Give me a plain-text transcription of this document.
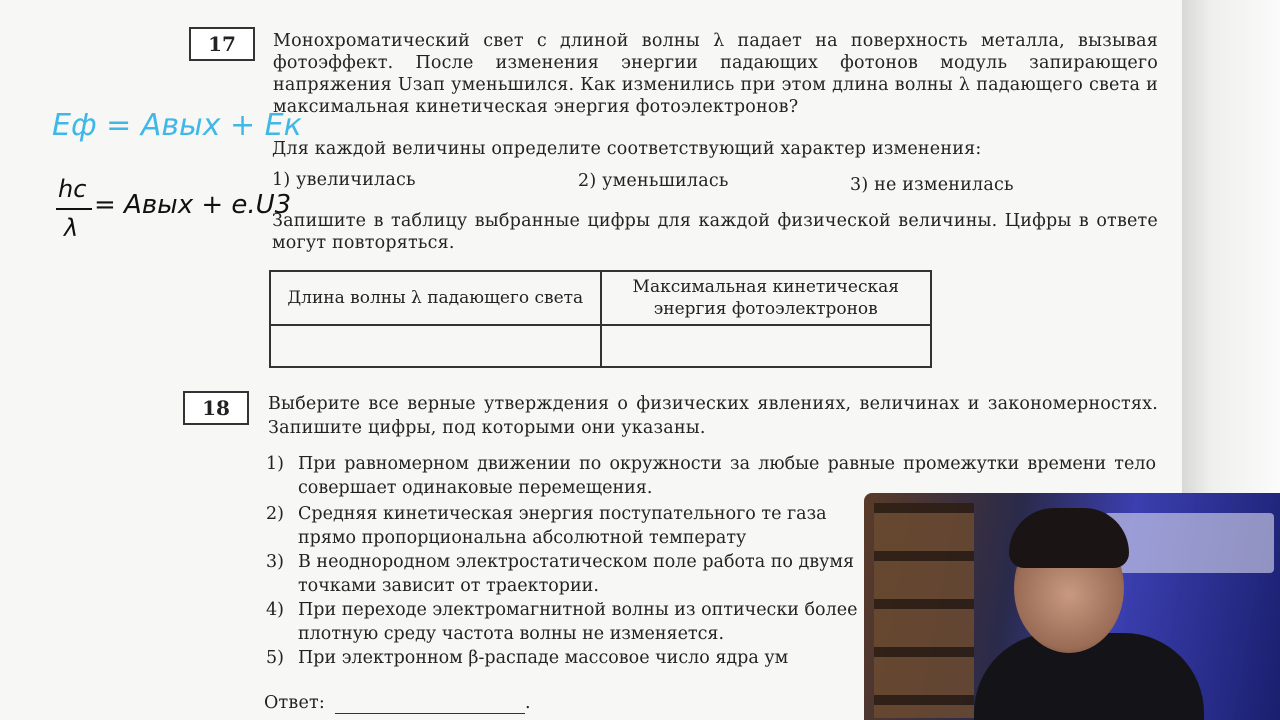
17 Монохроматический свет с длиной волны λ падает на поверхность металла, вызывая фотоэффект. После изменения энергии падающих фотонов модуль запирающего напряжения Uзап уменьшился. Как изменились при этом длина волны λ падающего света и максимальная кинетическая энергия фотоэлектронов?
Для каждой величины определите соответствующий характер изменения:
1) увеличилась	2) уменьшилась	3) не изменилась
Запишите в таблицу выбранные цифры для каждой физической величины. Цифры в ответе могут повторяться.
Длина волны λ падающего света	Максимальная кинетическая энергия фотоэлектронов

Eф = Aвых + Eк
hc
λ
= Aвых + e.U3
18 Выберите все верные утверждения о физических явлениях, величинах и закономерностях. Запишите цифры, под которыми они указаны.
1) При равномерном движении по окружности за любые равные промежутки времени тело совершает одинаковые перемещения.
2) Средняя кинетическая энергия поступательного те газа прямо пропорциональна абсолютной температу
3) В неоднородном электростатическом поле работа по двумя точками зависит от траектории.
4) При переходе электромагнитной волны из оптически более плотную среду частота волны не изменяется.
5) При электронном β-распаде массовое число ядра ум
Ответ:	.
